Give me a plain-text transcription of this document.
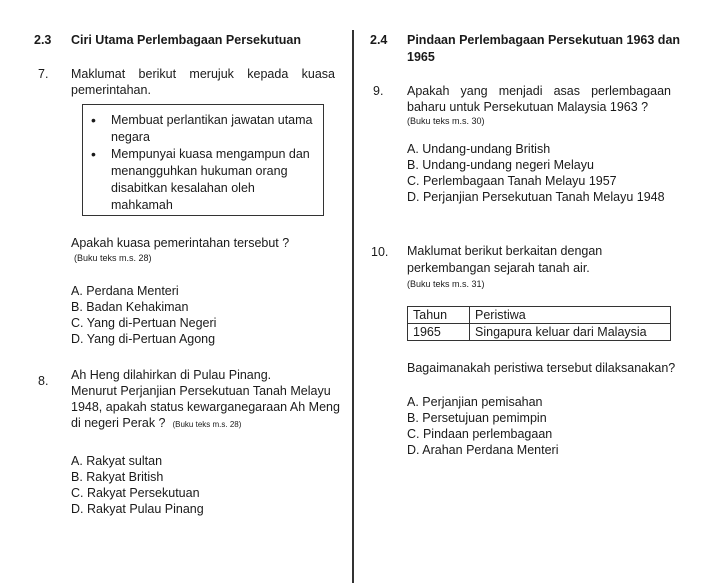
2.3 Ciri Utama Perlembagaan Persekutuan
7. Maklumat berikut merujuk kepada kuasa
pemerintahan.
• Membuat perlantikan jawatan utama negara
• Mempunyai kuasa mengampun dan menangguhkan hukuman orang disabitkan kesalahan oleh mahkamah
Apakah kuasa pemerintahan tersebut ?
(Buku teks m.s. 28)
A. Perdana Menteri
B. Badan Kehakiman
C. Yang di-Pertuan Negeri
D. Yang di-Pertuan Agong
8. Ah Heng dilahirkan di Pulau Pinang.
Menurut Perjanjian Persekutuan Tanah Melayu
1948, apakah status kewarganegaraan Ah Meng
di negeri Perak ? (Buku teks m.s. 28)
A. Rakyat sultan
B. Rakyat British
C. Rakyat Persekutuan
D. Rakyat Pulau Pinang
2.4 Pindaan Perlembagaan Persekutuan 1963 dan
1965
9. Apakah yang menjadi asas perlembagaan
baharu untuk Persekutuan Malaysia 1963 ?
(Buku teks m.s. 30)
A. Undang-undang British
B. Undang-undang negeri Melayu
C. Perlembagaan Tanah Melayu 1957
D. Perjanjian Persekutuan Tanah Melayu 1948
10. Maklumat berikut berkaitan dengan
perkembangan sejarah tanah air.
(Buku teks m.s. 31)
Tahun	Peristiwa
1965	Singapura keluar dari Malaysia
Bagaimanakah peristiwa tersebut dilaksanakan?
A. Perjanjian pemisahan
B. Persetujuan pemimpin
C. Pindaan perlembagaan
D. Arahan Perdana Menteri
